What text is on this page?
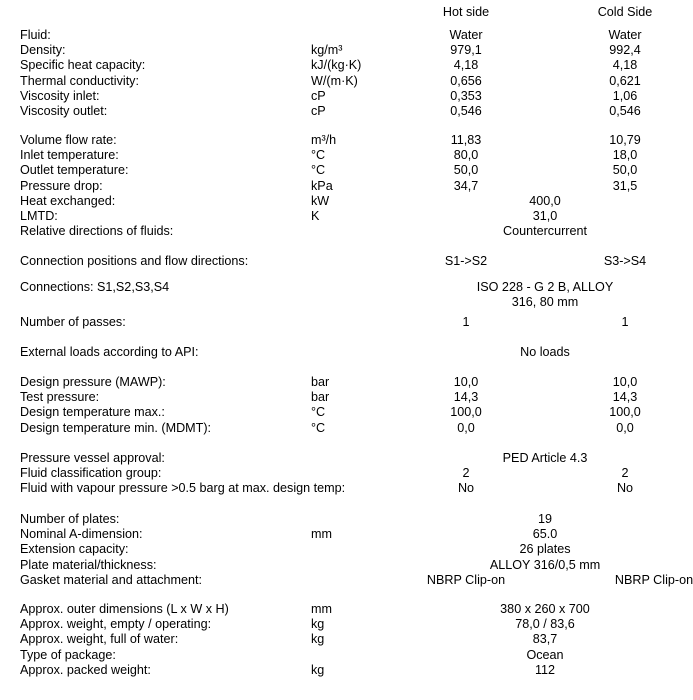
Hot side	Cold Side
Fluid:	Water	Water
Density:	kg/m³	979,1	992,4
Specific heat capacity:	kJ/(kg·K)	4,18	4,18
Thermal conductivity:	W/(m·K)	0,656	0,621
Viscosity inlet:	cP	0,353	1,06
Viscosity outlet:	cP	0,546	0,546
Volume flow rate:	m³/h	11,83	10,79
Inlet temperature:	°C	80,0	18,0
Outlet temperature:	°C	50,0	50,0
Pressure drop:	kPa	34,7	31,5
Heat exchanged:	kW	400,0
LMTD:	K	31,0
Relative directions of fluids:	Countercurrent
Connection positions and flow directions:	S1->S2	S3->S4
Connections: S1,S2,S3,S4	ISO 228 - G 2 B, ALLOY
316, 80 mm
Number of passes:	1	1
External loads according to API:	No loads
Design pressure (MAWP):	bar	10,0	10,0
Test pressure:	bar	14,3	14,3
Design temperature max.:	°C	100,0	100,0
Design temperature min. (MDMT):	°C	0,0	0,0
Pressure vessel approval:	PED Article 4.3
Fluid classification group:	2	2
Fluid with vapour pressure >0.5 barg at max. design temp:	No	No
Number of plates:	19
Nominal A-dimension:	mm	65.0
Extension capacity:	26 plates
Plate material/thickness:	ALLOY 316/0,5 mm
Gasket material and attachment:	NBRP Clip-on	NBRP Clip-on
Approx. outer dimensions (L x W x H)	mm	380 x 260 x 700
Approx. weight, empty / operating:	kg	78,0 / 83,6
Approx. weight, full of water:	kg	83,7
Type of package:	Ocean
Approx. packed weight:	kg	112
